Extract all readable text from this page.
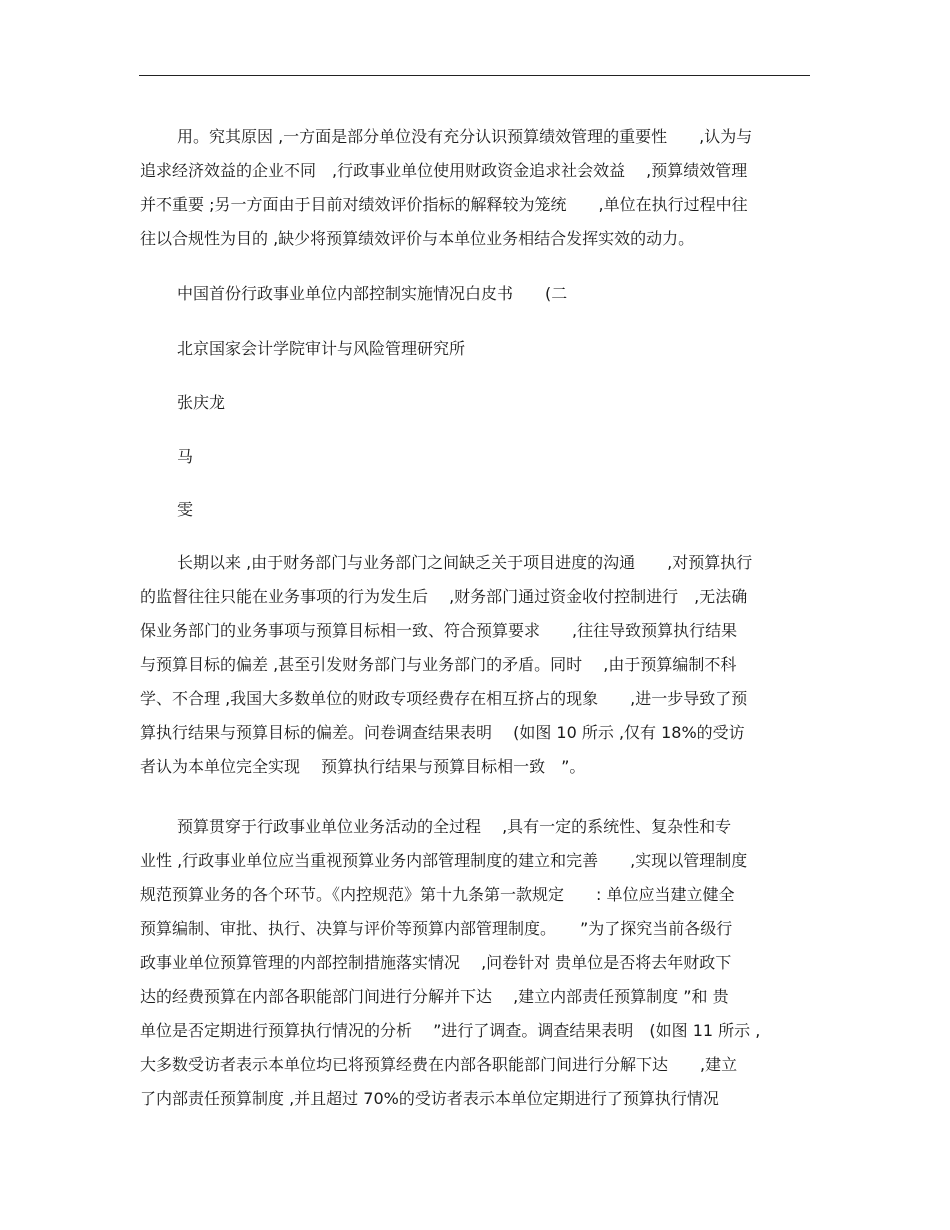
用。究其原因 ,一方面是部分单位没有充分认识预算绩效管理的重要性　　,认为与
追求经济效益的企业不同　,行政事业单位使用财政资金追求社会效益　 ,预算绩效管理
并不重要 ;另一方面由于目前对绩效评价指标的解释较为笼统　　,单位在执行过程中往
往以合规性为目的 ,缺少将预算绩效评价与本单位业务相结合发挥实效的动力。
中国首份行政事业单位内部控制实施情况白皮书　　(二
北京国家会计学院审计与风险管理研究所
张庆龙
马
雯
长期以来 ,由于财务部门与业务部门之间缺乏关于项目进度的沟通　　,对预算执行
的监督往往只能在业务事项的行为发生后　 ,财务部门通过资金收付控制进行　,无法确
保业务部门的业务事项与预算目标相一致、符合预算要求　　,往往导致预算执行结果
与预算目标的偏差 ,甚至引发财务部门与业务部门的矛盾。同时　 ,由于预算编制不科
学、不合理 ,我国大多数单位的财政专项经费存在相互挤占的现象　　,进一步导致了预
算执行结果与预算目标的偏差。问卷调查结果表明　 (如图 10 所示 ,仅有 18%的受访
者认为本单位完全实现　 预算执行结果与预算目标相一致　”。
预算贯穿于行政事业单位业务活动的全过程　 ,具有一定的系统性、复杂性和专
业性 ,行政事业单位应当重视预算业务内部管理制度的建立和完善　　,实现以管理制度
规范预算业务的各个环节。《内控规范》第十九条第一款规定　　: 单位应当建立健全
预算编制、审批、执行、决算与评价等预算内部管理制度。　　”为了探究当前各级行
政事业单位预算管理的内部控制措施落实情况　 ,问卷针对 贵单位是否将去年财政下
达的经费预算在内部各职能部门间进行分解并下达　 ,建立内部责任预算制度 ”和 贵
单位是否定期进行预算执行情况的分析　 ”进行了调查。调查结果表明　(如图 11 所示 ,
大多数受访者表示本单位均已将预算经费在内部各职能部门间进行分解下达　　,建立
了内部责任预算制度 ,并且超过 70%的受访者表示本单位定期进行了预算执行情况
